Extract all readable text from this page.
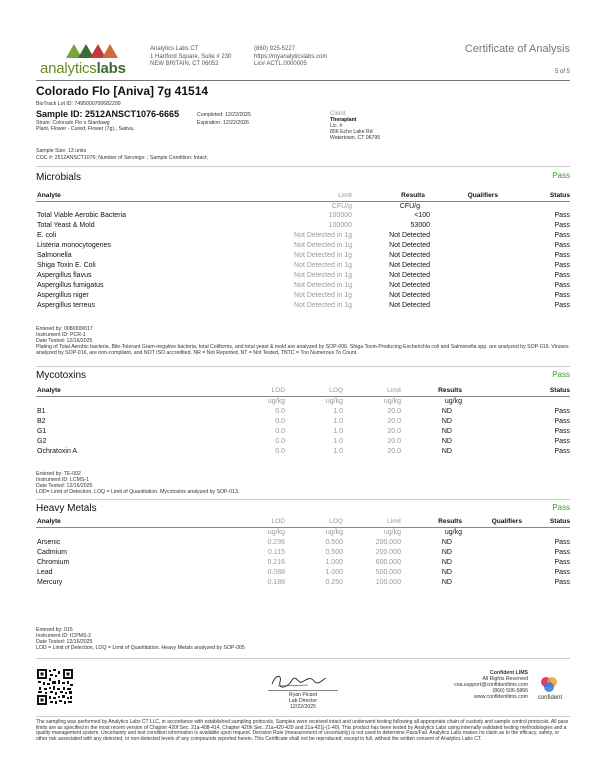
analyticslabs
Analytics Labs CT
1 Hartford Square, Suite # 230
NEW BRITAIN, CT 06052
(860) 925-5227
https://myanalyticslabs.com
Lic# ACTL.0000005
Certificate of Analysis
5 of 5
Colorado Flo [Aniva] 7g 41514
BioTrack Lot ID: 7495000700682299
Sample ID: 2512ANSCT1076-6665
Strain: Colorado Flo x Stardawg
Plant, Flower - Cured, Flower (7g),, Sativa,
Completed: 12/22/2025
Expiration: 12/22/2026
Client
Theraplant
Lic. #
856 Echo Lake Rd
Watertown, CT 06795
Sample Size: 13 units
COC #: 2512ANSCT1076; Number of Servings: ; Sample Condition: Intact;
Microbials	Pass
Analyte	Limit	Results	Qualifiers	Status
CFU/g	CFU/g
Total Viable Aerobic Bacteria	100000	<100	Pass
Total Yeast & Mold	100000	53000	Pass
E. coli	Not Detected in 1g	Not Detected	Pass
Listeria monocytogenes	Not Detected in 1g	Not Detected	Pass
Salmonella	Not Detected in 1g	Not Detected	Pass
Shiga Toxin E. Coli	Not Detected in 1g	Not Detected	Pass
Aspergillus flavus	Not Detected in 1g	Not Detected	Pass
Aspergillus fumigatus	Not Detected in 1g	Not Detected	Pass
Aspergillus niger	Not Detected in 1g	Not Detected	Pass
Aspergillus terreus	Not Detected in 1g	Not Detected	Pass
Entered by: 008/009/017
Instrument ID: PCR-1
Date Tested: 12/16/2025
Plating of Total Aerobic bacteria, Bile-Tolerant Gram-negative bacteria, total Coliforms, and total yeast & mold are analyzed by SOP-006. Shiga Toxin-Producing Escherichia coli and Salmonella spp. are analyzed by SOP-019. Viruses analyzed by SOP-016, are non-compliant, and NOT ISO accredited. NR = Not Reported, NT = Not Tested, TNTC = Too Numerous To Count.
Mycotoxins	Pass
Analyte	LOD	LOQ	Limit	Results	Status
ug/kg	ug/kg	ug/kg	ug/kg
B1	0.0	1.0	20.0	ND	Pass
B2	0.0	1.0	20.0	ND	Pass
G1	0.0	1.0	20.0	ND	Pass
G2	0.0	1.0	20.0	ND	Pass
Ochratoxin A	0.0	1.0	20.0	ND	Pass
Entered by: TE-002
Instrument ID: LCMS-1
Date Tested: 12/16/2025
LOD= Limit of Detection, LOQ = Limit of Quantitation. Mycotoxins analyzed by SOP-013.
Heavy Metals	Pass
Analyte	LOD	LOQ	Limit	Results	Qualifiers	Status
ug/kg	ug/kg	ug/kg	ug/kg
Arsenic	0.236	0.500	200.000	ND	Pass
Cadmium	0.115	0.500	200.000	ND	Pass
Chromium	0.216	1.000	600.000	ND	Pass
Lead	0.088	1.000	500.000	ND	Pass
Mercury	0.188	0.250	100.000	ND	Pass
Entered by: 015
Instrument ID: ICPMS-2
Date Tested: 12/16/2025
LOD = Limit of Detection, LOQ = Limit of Quantitation. Heavy Metals analyzed by SOP-005
Ryan Picard
Lab Director
12/22/2025
Confident LIMS
All Rights Reserved
coa.support@confidentlims.com
(866) 506-5866
www.confidentlims.com	confident
The sampling was performed by Analytics Labs CT LLC, in accordance with established sampling protocols. Samples were received intact and underwent testing following all appropriate chain of custody and sample control protocols. All pass limits are as specified in the most recent version of Chapter 420f Sec. 21a-408-414, Chapter 420h Sec. 21a-420-429 and 21a-421j-(1-40). This product has been tested by Analytics Labs using internally validated testing methodologies and a quality management system. Uncertainty and test condition information is available upon request. Decision Rule (measurement of uncertainty) is not used to determine Pass/Fail. Analytics Labs makes no claim as to the efficacy, safety, or other risk associated with any detected, or non-detected levels of any compounds reported herein. This Certificate shall not be reproduced, except in full, without the written consent of Analytics Labs CT.
